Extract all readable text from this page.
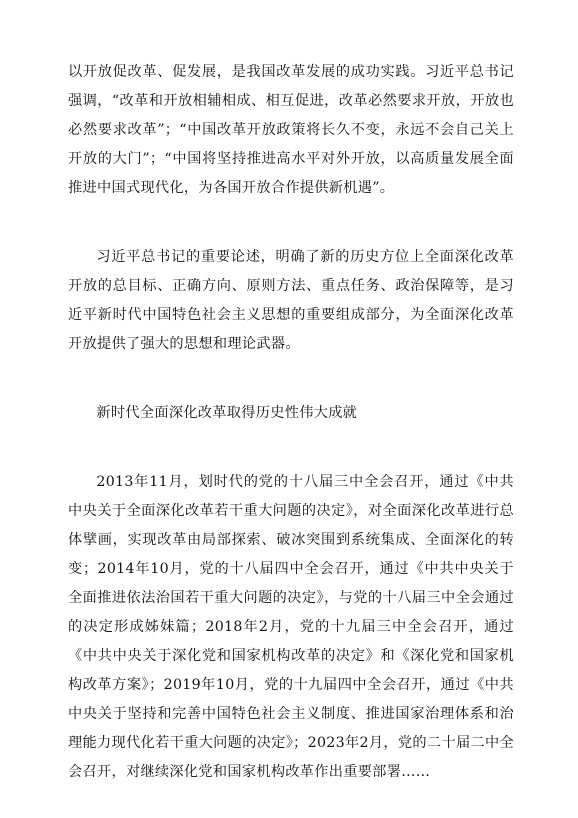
以开放促改革、促发展，是我国改革发展的成功实践。习近平总书记强调，“改革和开放相辅相成、相互促进，改革必然要求开放，开放也必然要求改革”；“中国改革开放政策将长久不变，永远不会自己关上开放的大门”；“中国将坚持推进高水平对外开放，以高质量发展全面推进中国式现代化，为各国开放合作提供新机遇”。

习近平总书记的重要论述，明确了新的历史方位上全面深化改革开放的总目标、正确方向、原则方法、重点任务、政治保障等，是习近平新时代中国特色社会主义思想的重要组成部分，为全面深化改革开放提供了强大的思想和理论武器。

新时代全面深化改革取得历史性伟大成就

2013年11月，划时代的党的十八届三中全会召开，通过《中共中央关于全面深化改革若干重大问题的决定》，对全面深化改革进行总体擘画，实现改革由局部探索、破冰突围到系统集成、全面深化的转变；2014年10月，党的十八届四中全会召开，通过《中共中央关于全面推进依法治国若干重大问题的决定》，与党的十八届三中全会通过的决定形成姊妹篇；2018年2月，党的十九届三中全会召开，通过《中共中央关于深化党和国家机构改革的决定》和《深化党和国家机构改革方案》；2019年10月，党的十九届四中全会召开，通过《中共中央关于坚持和完善中国特色社会主义制度、推进国家治理体系和治理能力现代化若干重大问题的决定》；2023年2月，党的二十届二中全会召开，对继续深化党和国家机构改革作出重要部署……
